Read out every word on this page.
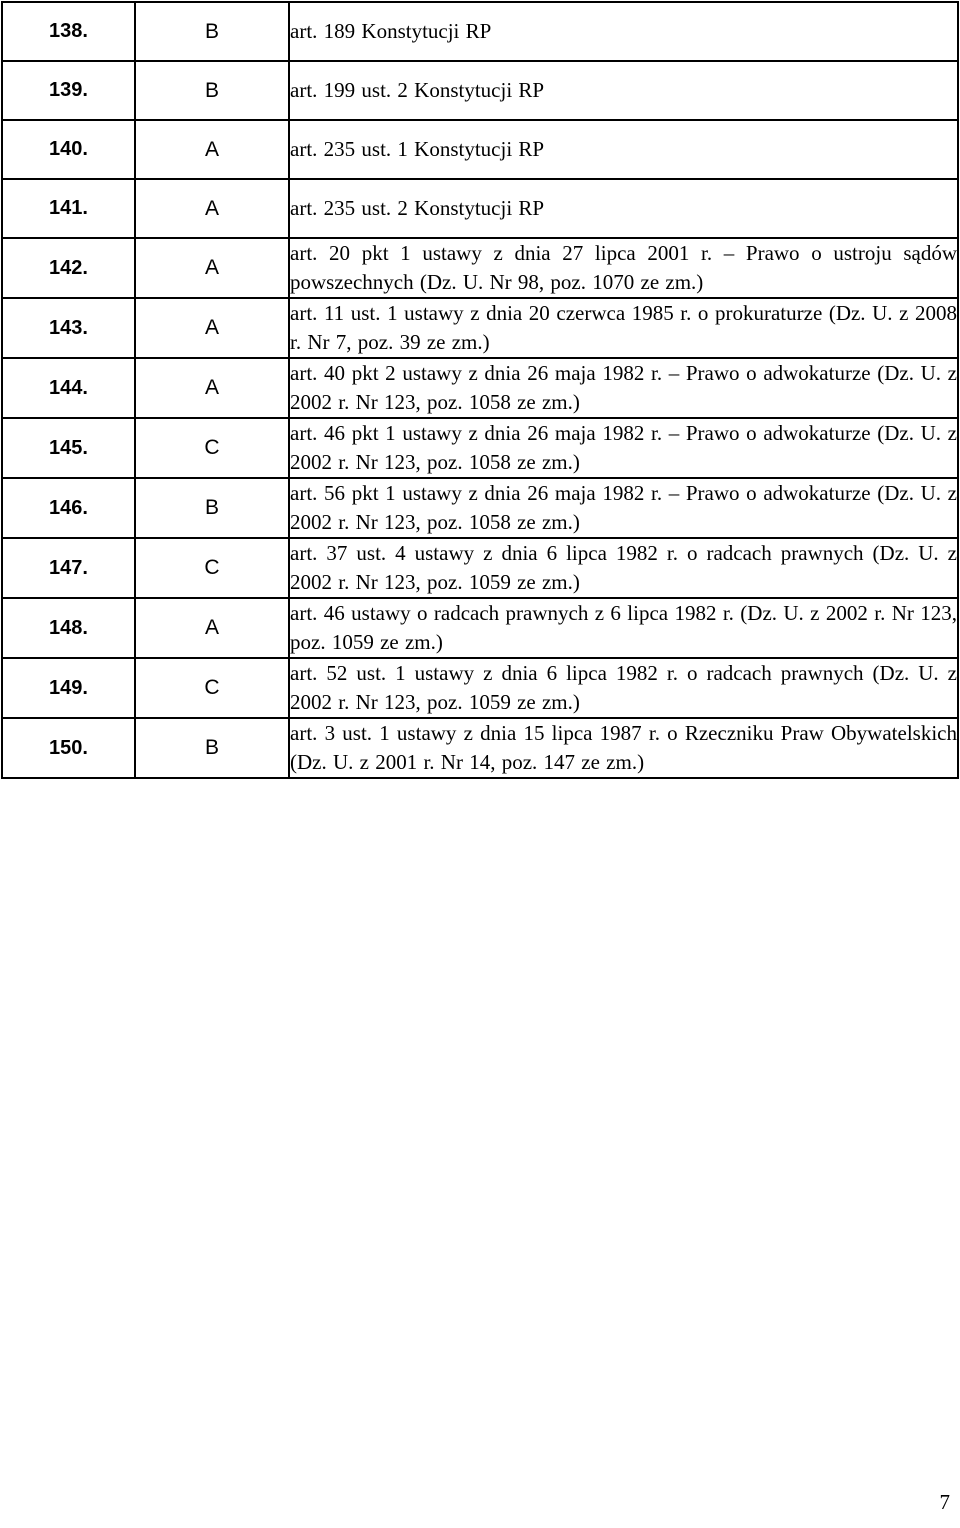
138.	B	art. 189 Konstytucji RP
139.	B	art. 199 ust. 2 Konstytucji RP
140.	A	art. 235 ust. 1 Konstytucji RP
141.	A	art. 235 ust. 2 Konstytucji RP
142.	A	art. 20 pkt 1 ustawy z dnia 27 lipca 2001 r. – Prawo o ustroju sądów powszechnych (Dz. U. Nr 98, poz. 1070 ze zm.)
143.	A	art. 11 ust. 1 ustawy z dnia 20 czerwca 1985 r. o prokuraturze (Dz. U. z 2008 r. Nr 7, poz. 39 ze zm.)
144.	A	art. 40 pkt 2 ustawy z dnia 26 maja 1982 r. – Prawo o adwokaturze (Dz. U. z 2002 r. Nr 123, poz. 1058 ze zm.)
145.	C	art. 46 pkt 1 ustawy z dnia 26 maja 1982 r. – Prawo o adwokaturze (Dz. U. z 2002 r. Nr 123, poz. 1058 ze zm.)
146.	B	art. 56 pkt 1 ustawy z dnia 26 maja 1982 r. – Prawo o adwokaturze (Dz. U. z 2002 r. Nr 123, poz. 1058 ze zm.)
147.	C	art. 37 ust. 4 ustawy z dnia 6 lipca 1982 r. o radcach prawnych (Dz. U. z 2002 r. Nr 123, poz. 1059 ze zm.)
148.	A	art. 46 ustawy o radcach prawnych z 6 lipca 1982 r. (Dz. U. z 2002 r. Nr 123, poz. 1059 ze zm.)
149.	C	art. 52 ust. 1 ustawy z dnia 6 lipca 1982 r. o radcach prawnych (Dz. U. z 2002 r. Nr 123, poz. 1059 ze zm.)
150.	B	art. 3 ust. 1 ustawy z dnia 15 lipca 1987 r. o Rzeczniku Praw Obywatelskich (Dz. U. z 2001 r. Nr 14, poz. 147 ze zm.)
7
